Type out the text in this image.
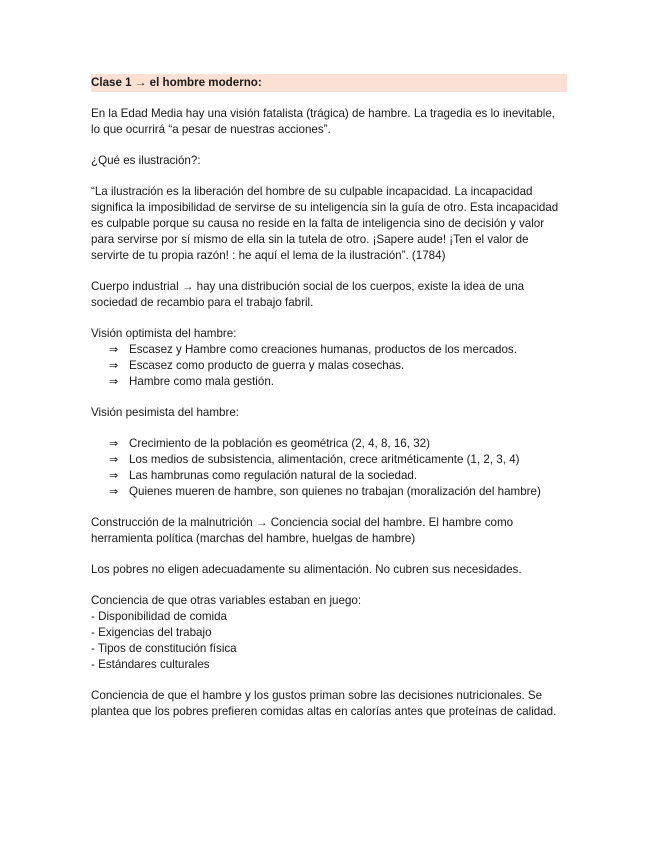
Clase 1 → el hombre moderno:

En la Edad Media hay una visión fatalista (trágica) de hambre. La tragedia es lo inevitable, lo que ocurrirá “a pesar de nuestras acciones”.

¿Qué es ilustración?:

“La ilustración es la liberación del hombre de su culpable incapacidad. La incapacidad significa la imposibilidad de servirse de su inteligencia sin la guía de otro. Esta incapacidad es culpable porque su causa no reside en la falta de inteligencia sino de decisión y valor para servirse por sí mismo de ella sin la tutela de otro. ¡Sapere aude! ¡Ten el valor de servirte de tu propia razón! : he aquí el lema de la ilustración”. (1784)

Cuerpo industrial → hay una distribución social de los cuerpos, existe la idea de una sociedad de recambio para el trabajo fabril.

Visión optimista del hambre:
⇒ Escasez y Hambre como creaciones humanas, productos de los mercados.
⇒ Escasez como producto de guerra y malas cosechas.
⇒ Hambre como mala gestión.
Visión pesimista del hambre:
⇒ Crecimiento de la población es geométrica (2, 4, 8, 16, 32)
⇒ Los medios de subsistencia, alimentación, crece aritméticamente (1, 2, 3, 4)
⇒ Las hambrunas como regulación natural de la sociedad.
⇒ Quienes mueren de hambre, son quienes no trabajan (moralización del hambre)

Construcción de la malnutrición → Conciencia social del hambre. El hambre como herramienta política (marchas del hambre, huelgas de hambre)

Los pobres no eligen adecuadamente su alimentación. No cubren sus necesidades.

Conciencia de que otras variables estaban en juego:
- Disponibilidad de comida
- Exigencias del trabajo
- Tipos de constitución física
- Estándares culturales

Conciencia de que el hambre y los gustos priman sobre las decisiones nutricionales. Se plantea que los pobres prefieren comidas altas en calorías antes que proteínas de calidad.
